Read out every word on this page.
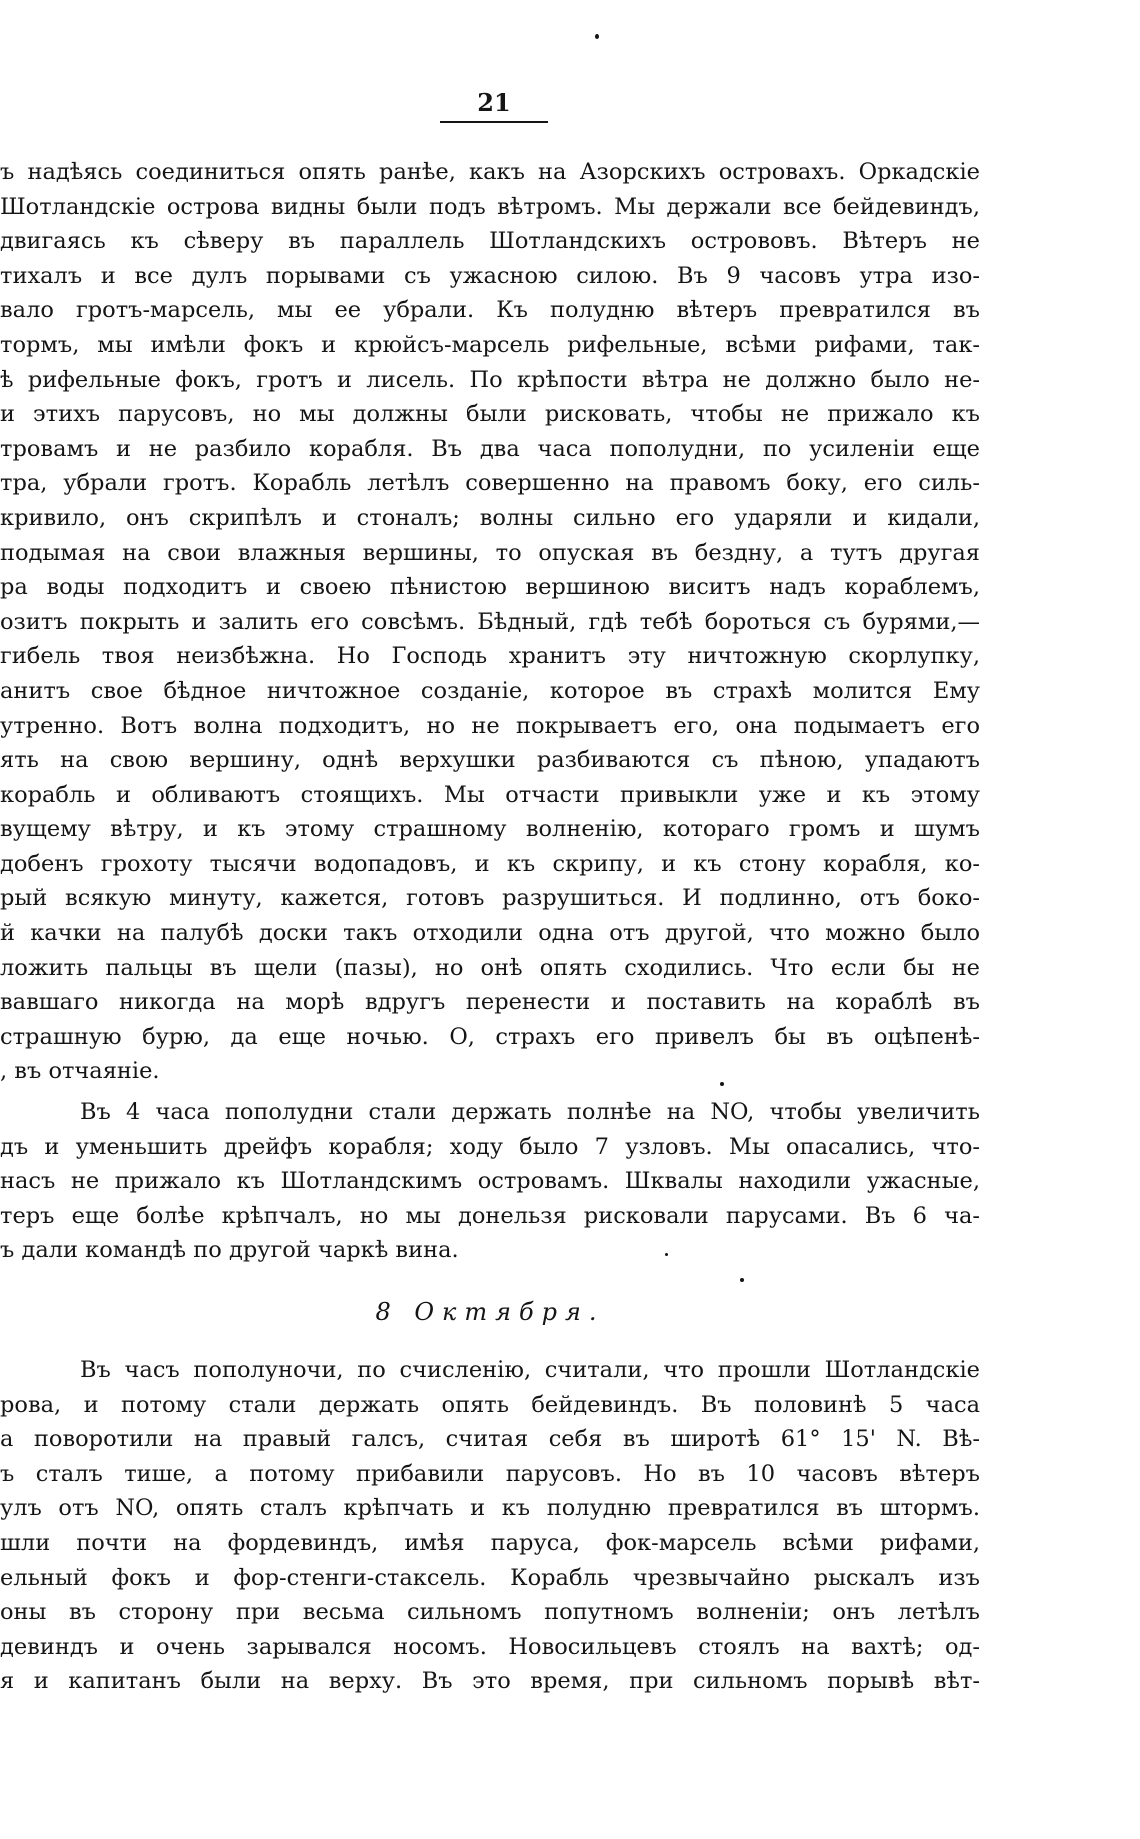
21
ъ надѣясь соединиться опять ранѣе, какъ на Азорскихъ островахъ. Оркадскіе
Шотландскіе острова видны были подъ вѣтромъ. Мы держали все бейдевиндъ,
двигаясь къ сѣверу въ параллель Шотландскихъ острововъ. Вѣтеръ не
тихалъ и все дулъ порывами съ ужасною силою. Въ 9 часовъ утра изо-
вало гротъ-марсель, мы ее убрали. Къ полудню вѣтеръ превратился въ
тормъ, мы имѣли фокъ и крюйсъ-марсель рифельные, всѣми рифами, так-
ѣ рифельные фокъ, гротъ и лисель. По крѣпости вѣтра не должно было не-
и этихъ парусовъ, но мы должны были рисковать, чтобы не прижало къ
тровамъ и не разбило корабля. Въ два часа пополудни, по усиленіи еще
тра, убрали гротъ. Корабль летѣлъ совершенно на правомъ боку, его силь-
кривило, онъ скрипѣлъ и стоналъ; волны сильно его ударяли и кидали,
подымая на свои влажныя вершины, то опуская въ бездну, а тутъ другая
ра воды подходитъ и своею пѣнистою вершиною виситъ надъ кораблемъ,
озитъ покрыть и залить его совсѣмъ. Бѣдный, гдѣ тебѣ бороться съ бурями,—
гибель твоя неизбѣжна. Но Господь хранитъ эту ничтожную скорлупку,
анитъ свое бѣдное ничтожное созданіе, которое въ страхѣ молится Ему
утренно. Вотъ волна подходитъ, но не покрываетъ его, она подымаетъ его
ять на свою вершину, однѣ верхушки разбиваются съ пѣною, упадаютъ
корабль и обливаютъ стоящихъ. Мы отчасти привыкли уже и къ этому
вущему вѣтру, и къ этому страшному волненію, котораго громъ и шумъ
добенъ грохоту тысячи водопадовъ, и къ скрипу, и къ стону корабля, ко-
рый всякую минуту, кажется, готовъ разрушиться. И подлинно, отъ боко-
й качки на палубѣ доски такъ отходили одна отъ другой, что можно было
ложить пальцы въ щели (пазы), но онѣ опять сходились. Что если бы не
вавшаго никогда на морѣ вдругъ перенести и поставить на кораблѣ въ
страшную бурю, да еще ночью. О, страхъ его привелъ бы въ оцѣпенѣ-
, въ отчаяніе.
Въ 4 часа пополудни стали держать полнѣе на NO, чтобы увеличить
дъ и уменьшить дрейфъ корабля; ходу было 7 узловъ. Мы опасались, что-
насъ не прижало къ Шотландскимъ островамъ. Шквалы находили ужасные,
теръ еще болѣе крѣпчалъ, но мы донельзя рисковали парусами. Въ 6 ча-
ъ дали командѣ по другой чаркѣ вина.
8 Октября.
Въ часъ пополуночи, по счисленію, считали, что прошли Шотландскіе
рова, и потому стали держать опять бейдевиндъ. Въ половинѣ 5 часа
а поворотили на правый галсъ, считая себя въ широтѣ 61° 15' N. Вѣ-
ъ сталъ тише, а потому прибавили парусовъ. Но въ 10 часовъ вѣтеръ
улъ отъ NO, опять сталъ крѣпчать и къ полудню превратился въ штормъ.
шли почти на фордевиндъ, имѣя паруса, фок-марсель всѣми рифами,
ельный фокъ и фор-стенги-стаксель. Корабль чрезвычайно рыскалъ изъ
оны въ сторону при весьма сильномъ попутномъ волненіи; онъ летѣлъ
девиндъ и очень зарывался носомъ. Новосильцевъ стоялъ на вахтѣ; од-
я и капитанъ были на верху. Въ это время, при сильномъ порывѣ вѣт-
